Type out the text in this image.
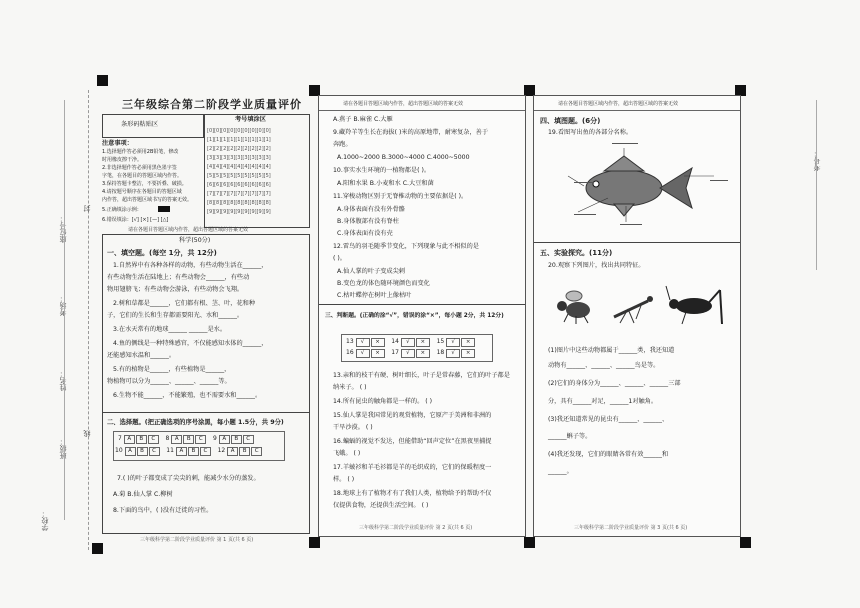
学校：
班级：
姓名：
考场：
座位号：
考号：
封
线
三年级综合第二阶段学业质量评价
条形码粘贴区
考号填涂区
[0][0][0][0][0][0][0][0][0]
[1][1][1][1][1][1][1][1][1]
[2][2][2][2][2][2][2][2][2]
[3][3][3][3][3][3][3][3][3]
[4][4][4][4][4][4][4][4][4]
[5][5][5][5][5][5][5][5][5]
[6][6][6][6][6][6][6][6][6]
[7][7][7][7][7][7][7][7][7]
[8][8][8][8][8][8][8][8][8]
[9][9][9][9][9][9][9][9][9]
注意事项：
1.选择题作答必须用2B铅笔，修改
时用橡皮擦干净。
2.非选择题作答必须用黑色墨字签
字笔，在各题目的答题区域内作答。
3.保持答题卡整洁，不要折叠、破损。
4.请按题号顺序在各题目的答题区域
内作答，超出答题区域书写的答案无效。
5.正确填涂示例：
6.错误填涂：[√] [×] [—] [△]
请在各题目答题区域内作答，超出答题区域的答案无效
科学(50分)
一、填空题。(每空 1分，共 12分)
1.自然界中有各种各样的动物，有些动物生活在______，
有些动物生活在陆地上；有些动物会______，有些动
物用翅膀飞；有些动物会游泳，有些动物会飞翔。
2.树和草都是______，它们都有根、茎、叶，花和种
子，它们的生长和生存都需要阳光、水和______。
3.在水天常有的地球______ ______是水。
4.鱼的侧线是一种特殊感官，不仅能感知水体的______，
还能感知水温和______。
5.有的植物是______，有些植物是______，
物植物可以分为______、______、______等。
6.生物不能______，不能繁殖，也不需要水和______。
二、选择题。(把正确选项的序号涂黑，每小题 1.5分，共 9分)
7 A B C 8 A B C 9 A B C
10 A B C 11 A B C 12 A B C
7.( )的叶子都变成了尖尖的刺，能减少水分的蒸发。
A.菊 B.仙人掌 C.柳树
8.下面的鸟中，( )没有迁徙的习性。
三年级科学第二阶段学业质量评价 第 1 页(共 6 页)
请在各题目答题区域内作答，超出答题区域的答案无效
A.燕子 B.麻雀 C.大雁
9.藏羚羊等生长在海拔( )米的高原地带，耐寒复杂，善于
奔跑。
A.1000~2000 B.3000~4000 C.4000~5000
10.事实水生环境的一植物都是( )。
A.阳和水果 B.小麦和水 C.大豆和菌
11.穿梭动物区别于无脊椎动物的主要依据是( )。
A.身体表面有没有外骨骼
B.身体腹部有没有脊柱
C.身体表面有没有壳
12.雷鸟的羽毛随季节变化，下列现象与此不相似的是
( )。
A.仙人掌的叶子变成尖刺
B.变色龙的体色随环境颜色而变化
C.枯叶蝶停在树叶上像枯叶
三、判断题。(正确的涂“√”，错误的涂“×”，每小题 2分，共 12分)
13 √ × 14 √ × 15 √ ×
16 √ × 17 √ × 18 √ ×
13.亲和的枝干有硬、树叶细长，叶子是常春藤，它们的叶子都是
纳米子。 ( )
14.所有昆虫的触角都是一样的。 ( )
15.仙人掌是我国常见的观赏植物，它原产于美洲和非洲的
干旱沙漠。 ( )
16.蝙蝠的视觉不发达，但能借助“回声定位”在黑夜里捕捉
飞蛾。 ( )
17.羊皴衫和羊毛衫都是羊的毛织成的，它们的保暖程度一
样。 ( )
18.地球上有了植物才有了我们人类，植物给予的帮助不仅
仅提供食物，还提供生活空间。 ( )
三年级科学第二阶段学业质量评价 第 2 页(共 6 页)
请在各题目答题区域内作答，超出答题区域的答案无效
四、填图题。(6分)
19.看图写出鱼的各部分名称。
五、实验探究。(11分)
20.观察下列图片，找出共同特征。
(1)图片中这些动物都属于______类，我还知道
动物有______、______、______鸟是等。
(2)它们的身体分为______、______、______三部
分，具有______对足，______1对触角。
(3)我还知道常见的昆虫有______、______、
______蝌子等。
(4)我还发现，它们的眼睛各常有效______和
______。
三年级科学第二阶段学业质量评价 第 3 页(共 6 页)
